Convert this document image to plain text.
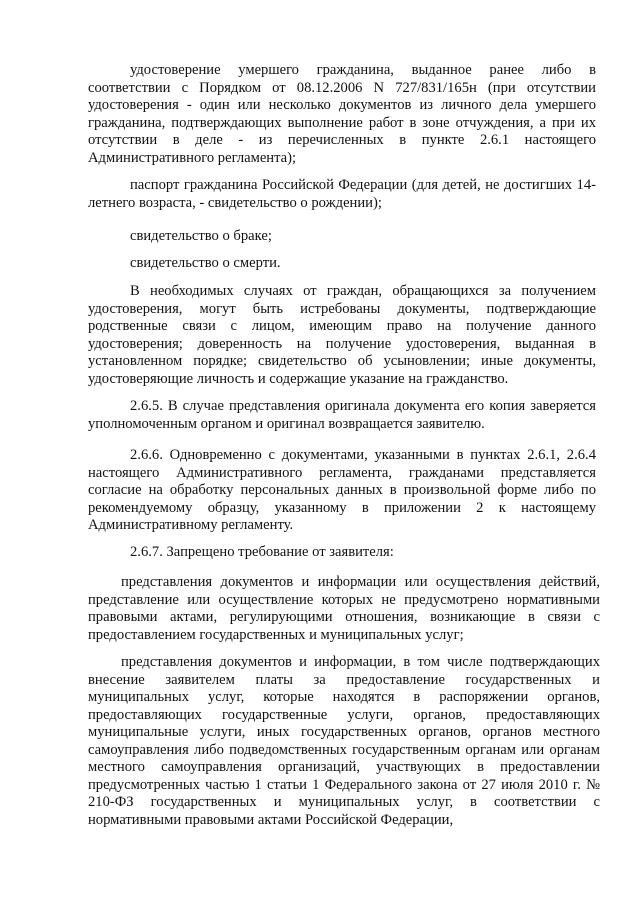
удостоверение умершего гражданина, выданное ранее либо в соответствии с Порядком от 08.12.2006 N 727/831/165н (при отсутствии удостоверения - один или несколько документов из личного дела умершего гражданина, подтверждающих выполнение работ в зоне отчуждения, а при их отсутствии в деле - из перечисленных в пункте 2.6.1 настоящего Административного регламента);

паспорт гражданина Российской Федерации (для детей, не достигших 14-летнего возраста, - свидетельство о рождении);

свидетельство о браке;

свидетельство о смерти.

В необходимых случаях от граждан, обращающихся за получением удостоверения, могут быть истребованы документы, подтверждающие родственные связи с лицом, имеющим право на получение данного удостоверения; доверенность на получение удостоверения, выданная в установленном порядке; свидетельство об усыновлении; иные документы, удостоверяющие личность и содержащие указание на гражданство.

2.6.5. В случае представления оригинала документа его копия заверяется уполномоченным органом и оригинал возвращается заявителю.

2.6.6. Одновременно с документами, указанными в пунктах 2.6.1, 2.6.4 настоящего Административного регламента, гражданами представляется согласие на обработку персональных данных в произвольной форме либо по рекомендуемому образцу, указанному в приложении 2 к настоящему Административному регламенту.

2.6.7. Запрещено требование от заявителя:

представления документов и информации или осуществления действий, представление или осуществление которых не предусмотрено нормативными правовыми актами, регулирующими отношения, возникающие в связи с предоставлением государственных и муниципальных услуг;

представления документов и информации, в том числе подтверждающих внесение заявителем платы за предоставление государственных и муниципальных услуг, которые находятся в распоряжении органов, предоставляющих государственные услуги, органов, предоставляющих муниципальные услуги, иных государственных органов, органов местного самоуправления либо подведомственных государственным органам или органам местного самоуправления организаций, участвующих в предоставлении предусмотренных частью 1 статьи 1 Федерального закона от 27 июля 2010 г. № 210-ФЗ государственных и муниципальных услуг, в соответствии с нормативными правовыми актами Российской Федерации,
